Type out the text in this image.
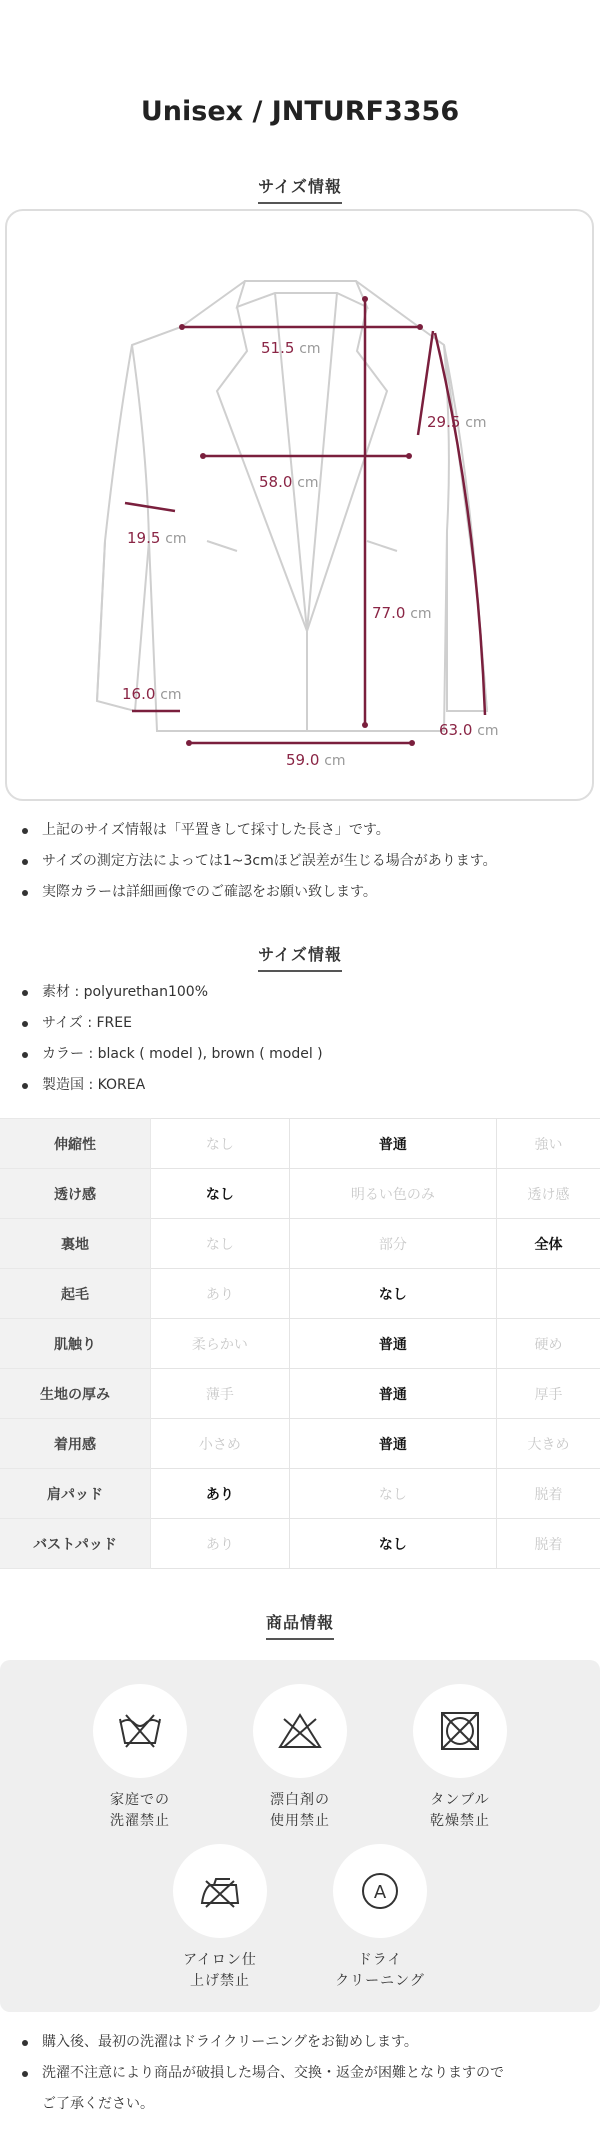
Unisex / JNTURF3356
サイズ情報
51.5 cm
29.5 cm
58.0 cm
19.5 cm
77.0 cm
16.0 cm
63.0 cm
59.0 cm
上記のサイズ情報は「平置きして採寸した長さ」です。
サイズの測定方法によっては1~3cmほど誤差が生じる場合があります。
実際カラーは詳細画像でのご確認をお願い致します。
サイズ情報
素材 : polyurethan100%
サイズ : FREE
カラー : black ( model ), brown ( model )
製造国 : KOREA
伸縮性	なし	普通	強い
透け感	なし	明るい色のみ	透け感
裏地	なし	部分	全体
起毛	あり	なし	
肌触り	柔らかい	普通	硬め
生地の厚み	薄手	普通	厚手
着用感	小さめ	普通	大きめ
肩パッド	あり	なし	脱着
バストパッド	あり	なし	脱着
商品情報
家庭での
洗濯禁止
漂白剤の
使用禁止
タンブル
乾燥禁止
アイロン仕
上げ禁止
A
ドライ
クリーニング
購入後、最初の洗濯はドライクリーニングをお勧めします。
洗濯不注意により商品が破損した場合、交換・返金が困難となりますので
ご了承ください。
